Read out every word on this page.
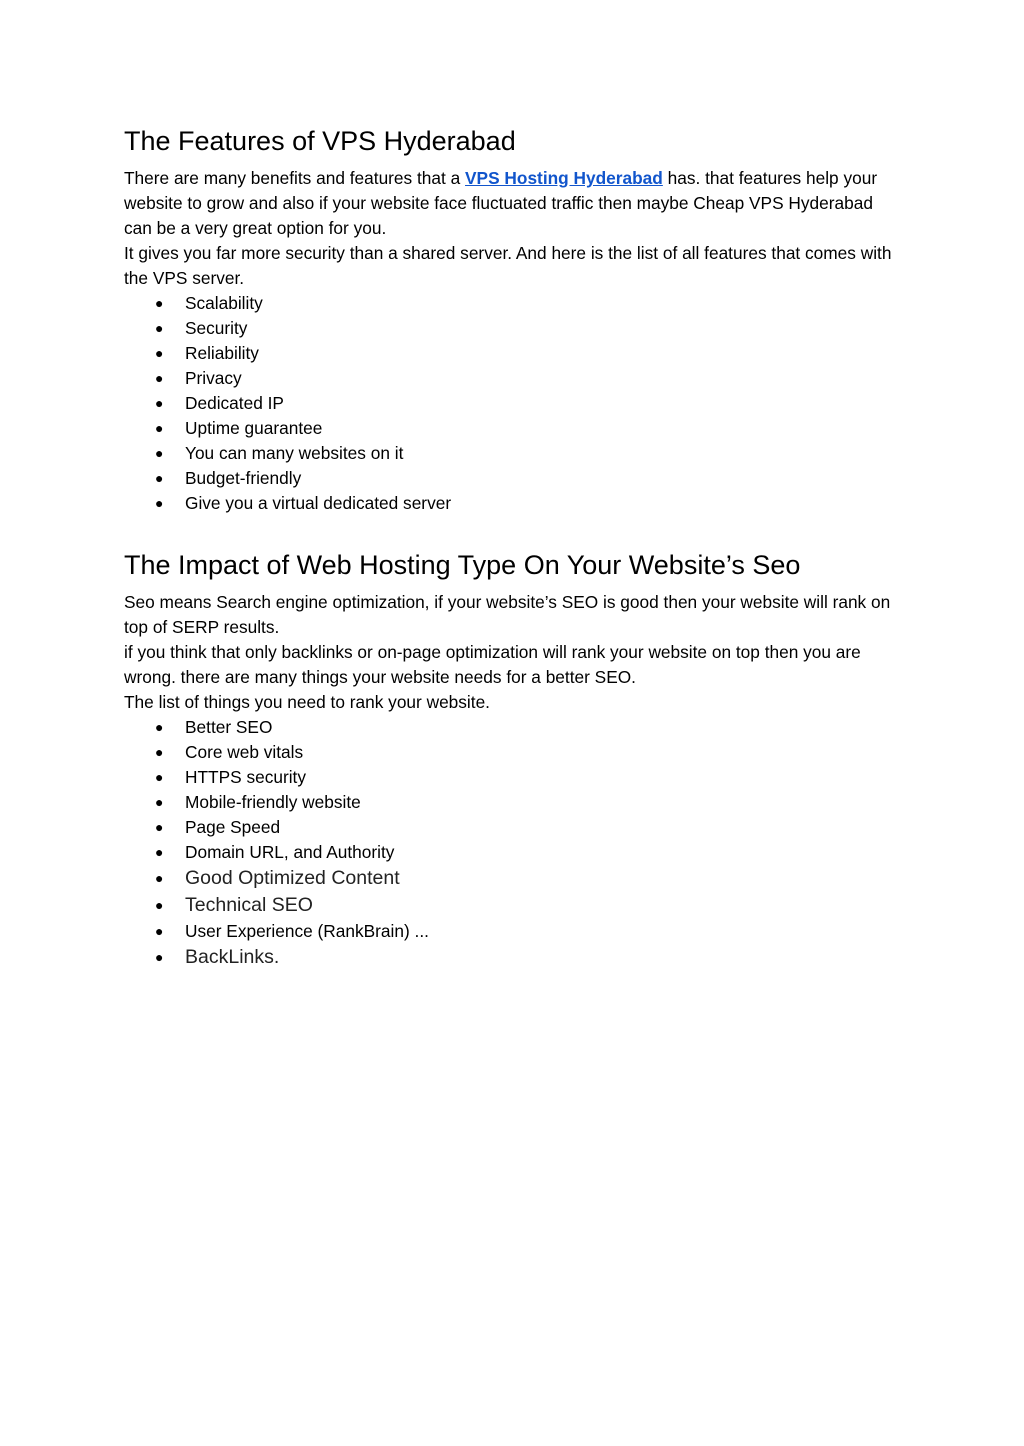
The Features of VPS Hyderabad

There are many benefits and features that a VPS Hosting Hyderabad has. that features help your website to grow and also if your website face fluctuated traffic then maybe Cheap VPS Hyderabad can be a very great option for you.

It gives you far more security than a shared server. And here is the list of all features that comes with the VPS server.

● Scalability
● Security
● Reliability
● Privacy
● Dedicated IP
● Uptime guarantee
● You can many websites on it
● Budget-friendly
● Give you a virtual dedicated server
The Impact of Web Hosting Type On Your Website’s Seo

Seo means Search engine optimization, if your website’s SEO is good then your website will rank on top of SERP results.

if you think that only backlinks or on-page optimization will rank your website on top then you are wrong. there are many things your website needs for a better SEO.

The list of things you need to rank your website.

● Better SEO
● Core web vitals
● HTTPS security
● Mobile-friendly website
● Page Speed
● Domain URL, and Authority
● Good Optimized Content
● Technical SEO
● User Experience (RankBrain) ...
● BackLinks.
